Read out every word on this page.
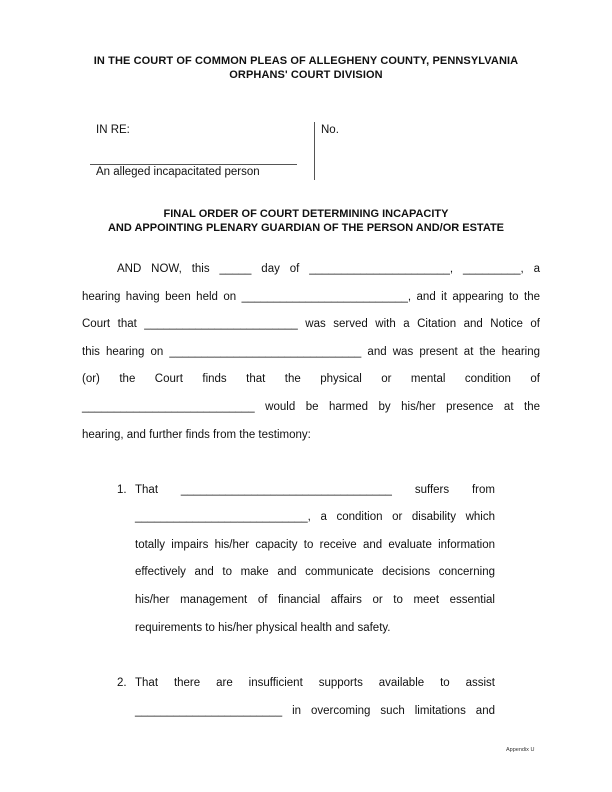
IN THE COURT OF COMMON PLEAS OF ALLEGHENY COUNTY, PENNSYLVANIA
ORPHANS' COURT DIVISION
IN RE:	No.
An alleged incapacitated person
FINAL ORDER OF COURT DETERMINING INCAPACITY
AND APPOINTING PLENARY GUARDIAN OF THE PERSON AND/OR ESTATE
AND NOW, this _____ day of ______________________, _________, a
hearing having been held on __________________________, and it appearing to the
Court that ________________________ was served with a Citation and Notice of
this hearing on ______________________________ and was present at the hearing
(or) the Court finds that the physical or mental condition of
___________________________ would be harmed by his/her presence at the
hearing, and further finds from the testimony:
1. That _________________________________ suffers from
___________________________, a condition or disability which
totally impairs his/her capacity to receive and evaluate information
effectively and to make and communicate decisions concerning
his/her management of financial affairs or to meet essential
requirements to his/her physical health and safety.
2. That there are insufficient supports available to assist
_______________________ in overcoming such limitations and
Appendix U
